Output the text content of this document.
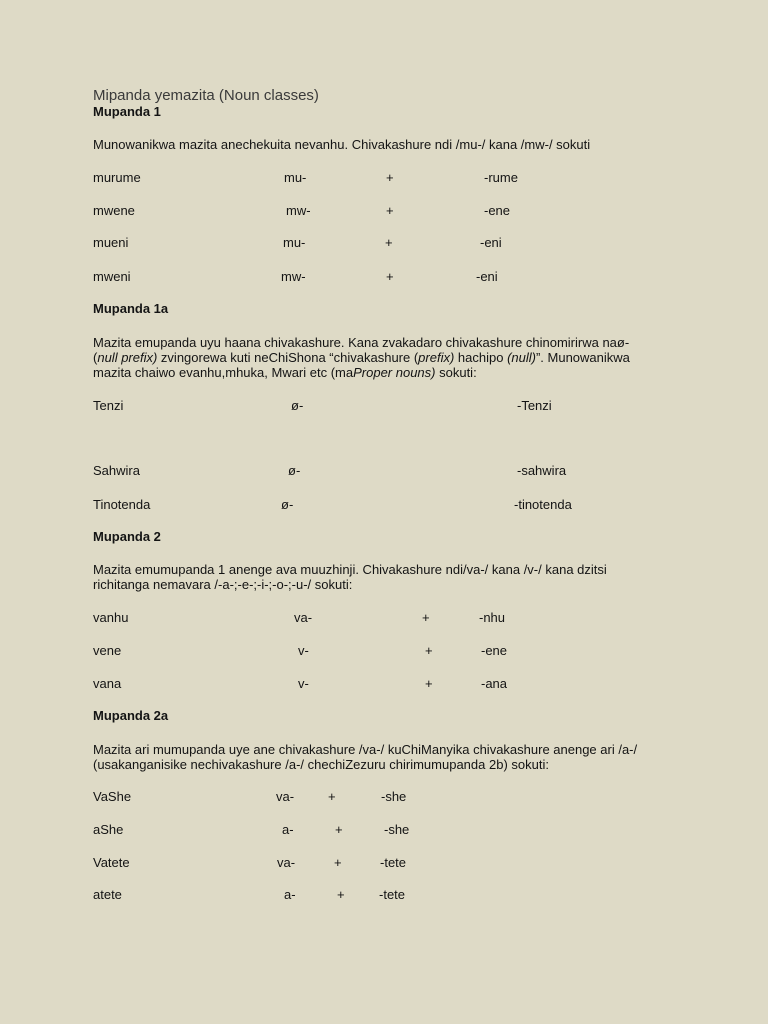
Mipanda yemazita (Noun classes)
Mupanda 1
Munowanikwa mazita anechekuita nevanhu. Chivakashure ndi /mu-/ kana /mw-/ sokuti
murume	mu-	+	-rume
mwene	mw-	+	-ene
mueni	mu-	+	-eni
mweni	mw-	+	-eni
Mupanda 1a
Mazita emupanda uyu haana chivakashure. Kana zvakadaro chivakashure chinomirirwa naø-
(null prefix) zvingorewa kuti neChiShona “chivakashure (prefix) hachipo (null)”. Munowanikwa
mazita chaiwo evanhu,mhuka, Mwari etc (maProper nouns) sokuti:
Tenzi	ø-	-Tenzi
Sahwira	ø-	-sahwira
Tinotenda	ø-	-tinotenda
Mupanda 2
Mazita emumupanda 1 anenge ava muuzhinji. Chivakashure ndi/va-/ kana /v-/ kana dzitsi
richitanga nemavara /-a-;-e-;-i-;-o-;-u-/ sokuti:
vanhu	va-	+	-nhu
vene	v-	+	-ene
vana	v-	+	-ana
Mupanda 2a
Mazita ari mumupanda uye ane chivakashure /va-/ kuChiManyika chivakashure anenge ari /a-/
(usakanganisike nechivakashure /a-/ chechiZezuru chirimumupanda 2b) sokuti:
VaShe	va-	+	-she
aShe	a-	+	-she
Vatete	va-	+	-tete
atete	a-	+	-tete
